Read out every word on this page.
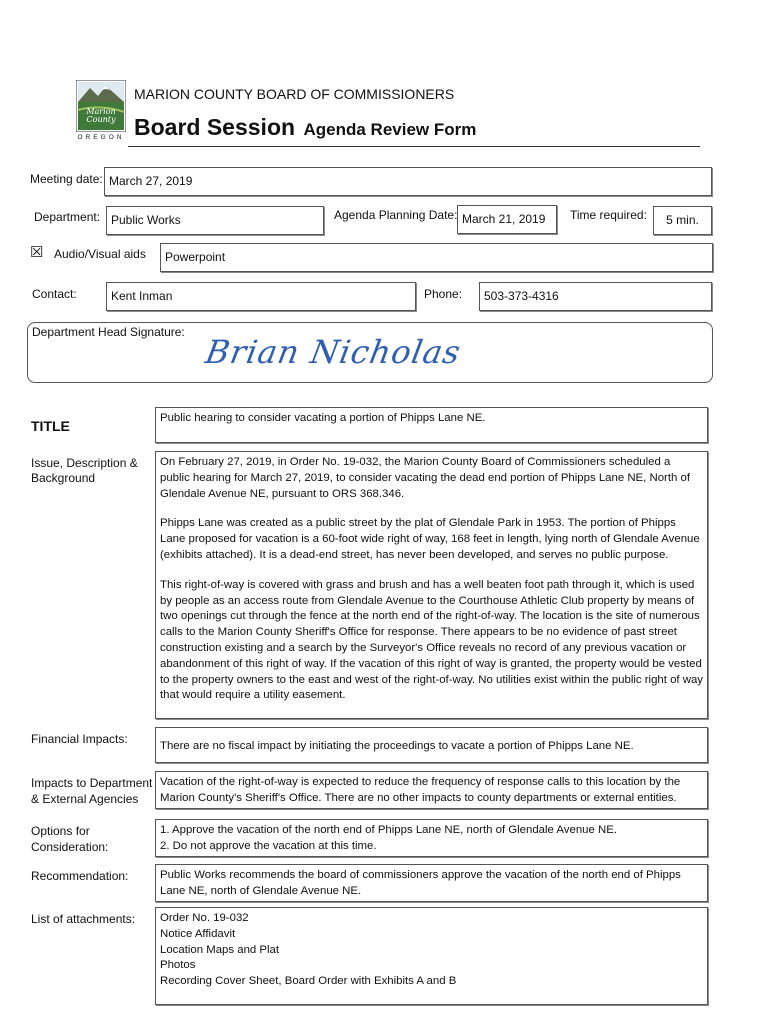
Marion
County
OREGON
MARION COUNTY BOARD OF COMMISSIONERS
Board Session Agenda Review Form
Meeting date: March 27, 2019
Department: Public Works	Agenda Planning Date: March 21, 2019	Time required:	5 min.
☒ Audio/Visual aids	Powerpoint
Contact:	Kent Inman	Phone:	503-373-4316
Department Head Signature:
Brian Nicholas
TITLE	Public hearing to consider vacating a portion of Phipps Lane NE.
Issue, Description &
Background

On February 27, 2019, in Order No. 19-032, the Marion County Board of Commissioners scheduled a public hearing for March 27, 2019, to consider vacating the dead end portion of Phipps Lane NE, North of Glendale Avenue NE, pursuant to ORS 368.346.

Phipps Lane was created as a public street by the plat of Glendale Park in 1953. The portion of Phipps Lane proposed for vacation is a 60-foot wide right of way, 168 feet in length, lying north of Glendale Avenue (exhibits attached). It is a dead-end street, has never been developed, and serves no public purpose.

This right-of-way is covered with grass and brush and has a well beaten foot path through it, which is used by people as an access route from Glendale Avenue to the Courthouse Athletic Club property by means of two openings cut through the fence at the north end of the right-of-way. The location is the site of numerous calls to the Marion County Sheriff's Office for response. There appears to be no evidence of past street construction existing and a search by the Surveyor's Office reveals no record of any previous vacation or abandonment of this right of way. If the vacation of this right of way is granted, the property would be vested to the property owners to the east and west of the right-of-way. No utilities exist within the public right of way that would require a utility easement.

Financial Impacts:	There are no fiscal impact by initiating the proceedings to vacate a portion of Phipps Lane NE.
Impacts to Department
& External Agencies
Vacation of the right-of-way is expected to reduce the frequency of response calls to this location by the Marion County's Sheriff's Office. There are no other impacts to county departments or external entities.
Options for
Consideration:
1. Approve the vacation of the north end of Phipps Lane NE, north of Glendale Avenue NE.
2. Do not approve the vacation at this time.
Recommendation:	Public Works recommends the board of commissioners approve the vacation of the north end of Phipps Lane NE, north of Glendale Avenue NE.
List of attachments: Order No. 19-032
Notice Affidavit
Location Maps and Plat
Photos
Recording Cover Sheet, Board Order with Exhibits A and B
